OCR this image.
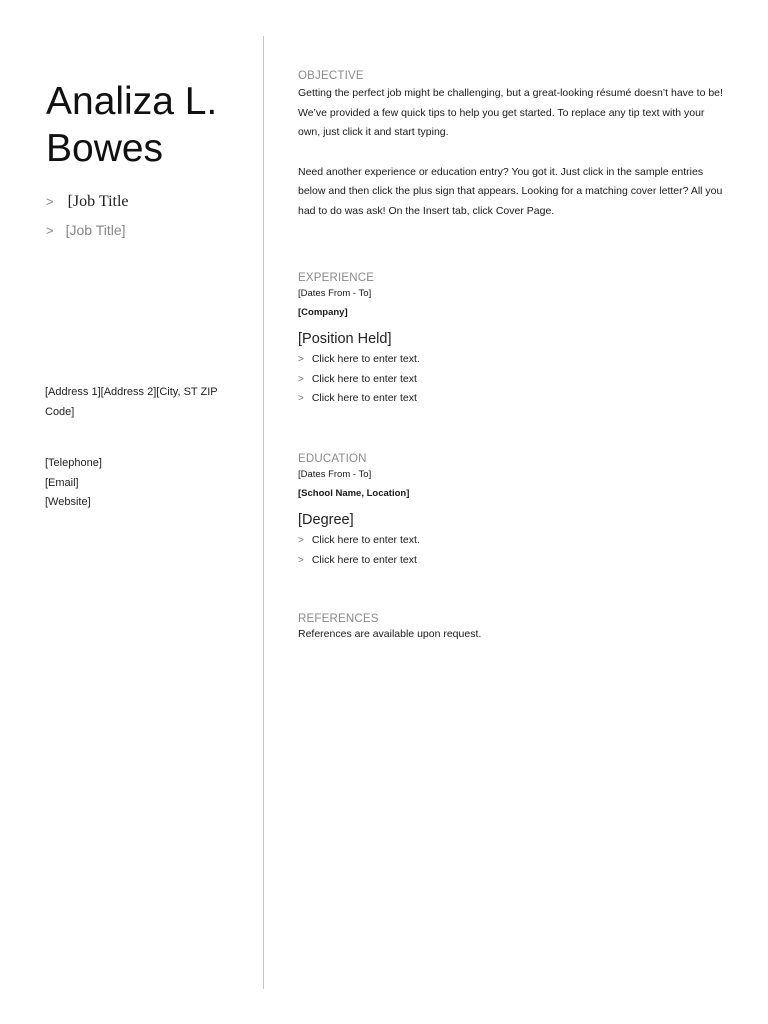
Analiza L. Bowes
> [Job Title
> [Job Title]
[Address 1][Address 2][City, ST ZIP Code]
[Telephone]
[Email]
[Website]
OBJECTIVE
Getting the perfect job might be challenging, but a great-looking résumé doesn’t have to be! We’ve provided a few quick tips to help you get started. To replace any tip text with your own, just click it and start typing.
Need another experience or education entry? You got it. Just click in the sample entries below and then click the plus sign that appears. Looking for a matching cover letter? All you had to do was ask! On the Insert tab, click Cover Page.
EXPERIENCE
[Dates From - To]
[Company]
[Position Held]
> Click here to enter text.
> Click here to enter text
> Click here to enter text
EDUCATION
[Dates From - To]
[School Name, Location]
[Degree]
> Click here to enter text.
> Click here to enter text
REFERENCES
References are available upon request.
